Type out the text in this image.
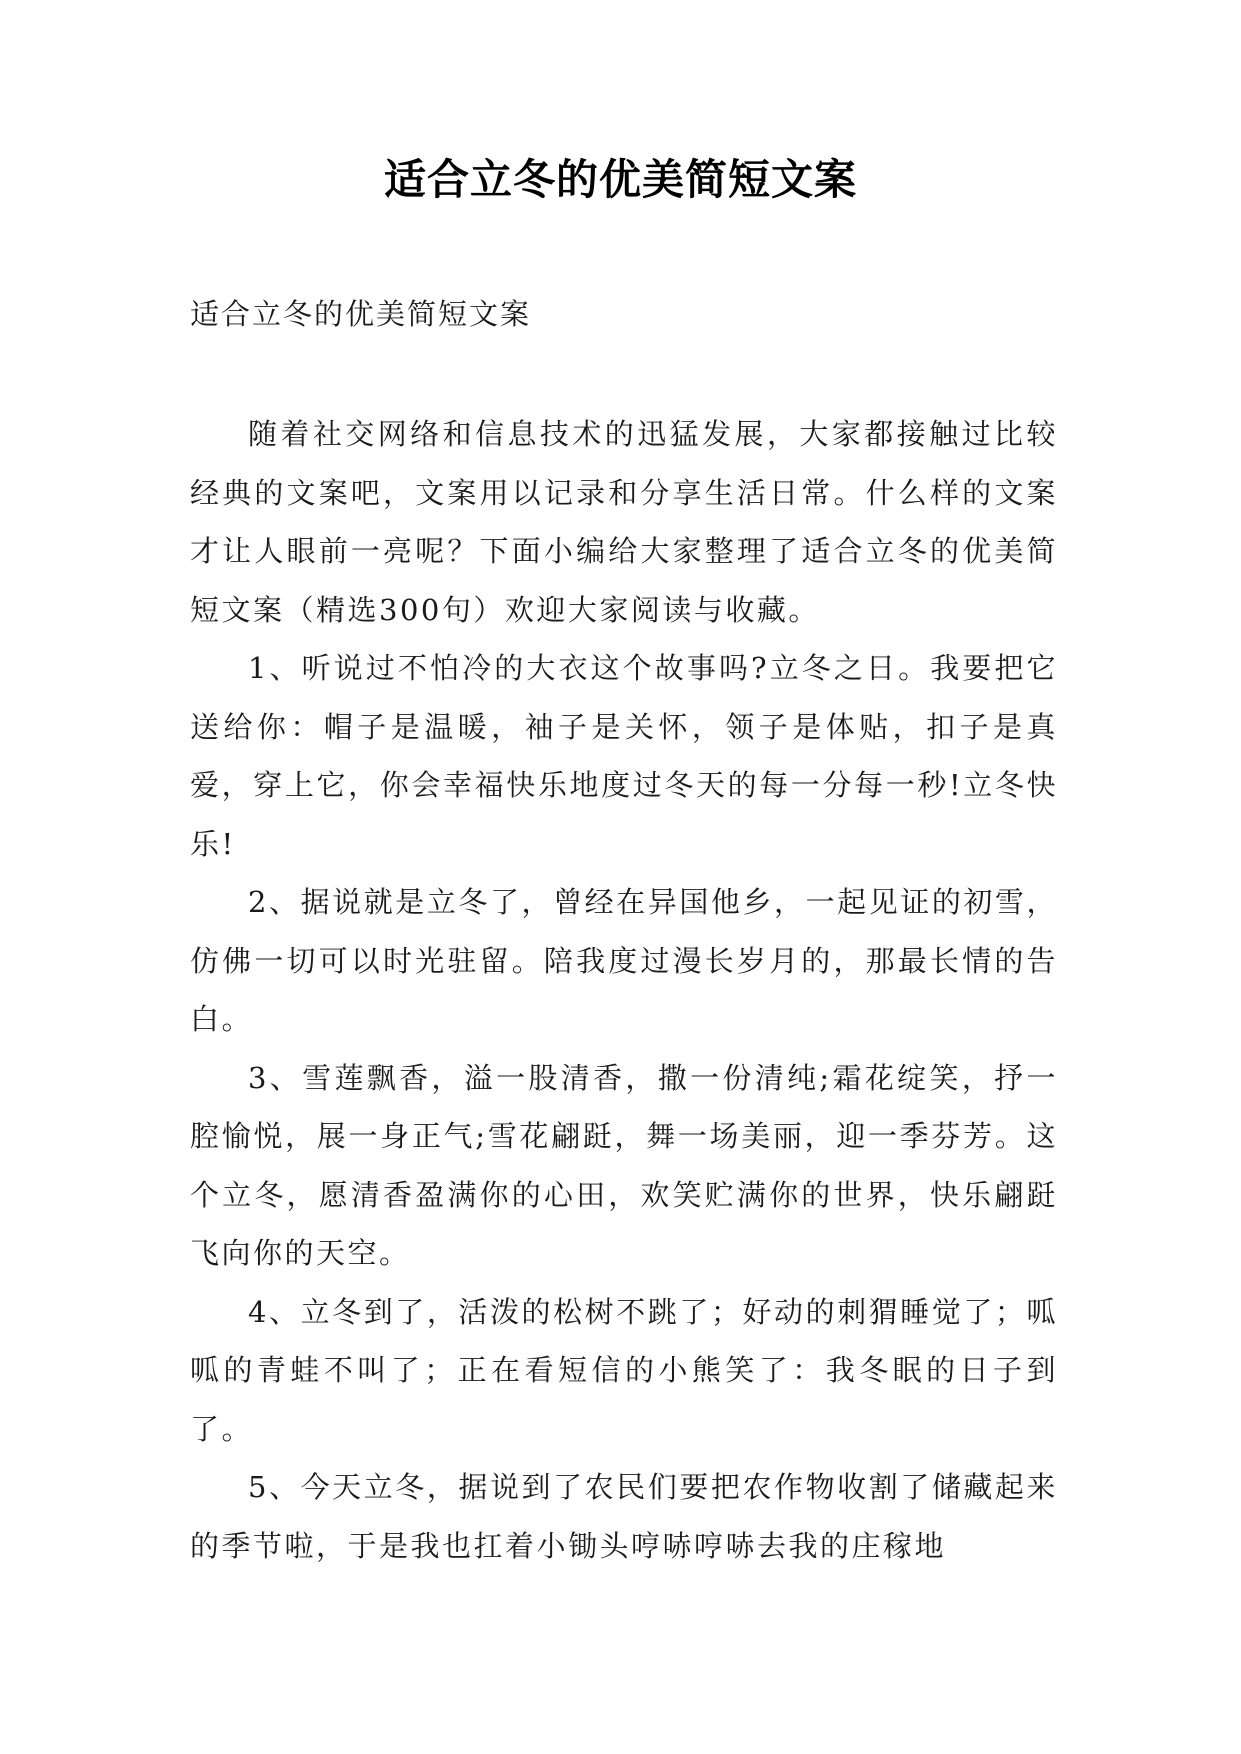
适合立冬的优美简短文案
适合立冬的优美简短文案

随着社交网络和信息技术的迅猛发展，大家都接触过比较经典的文案吧，文案用以记录和分享生活日常。什么样的文案才让人眼前一亮呢？下面小编给大家整理了适合立冬的优美简短文案（精选300句）欢迎大家阅读与收藏。

1、听说过不怕冷的大衣这个故事吗?立冬之日。我要把它送给你：帽子是温暖，袖子是关怀，领子是体贴，扣子是真爱，穿上它，你会幸福快乐地度过冬天的每一分每一秒!立冬快乐!

2、据说就是立冬了，曾经在异国他乡，一起见证的初雪，仿佛一切可以时光驻留。陪我度过漫长岁月的，那最长情的告白。

3、雪莲飘香，溢一股清香，撒一份清纯;霜花绽笑，抒一腔愉悦，展一身正气;雪花翩跹，舞一场美丽，迎一季芬芳。这个立冬，愿清香盈满你的心田，欢笑贮满你的世界，快乐翩跹飞向你的天空。

4、立冬到了，活泼的松树不跳了；好动的刺猬睡觉了；呱呱的青蛙不叫了；正在看短信的小熊笑了：我冬眠的日子到了。

5、今天立冬，据说到了农民们要把农作物收割了储藏起来的季节啦，于是我也扛着小锄头哼哧哼哧去我的庄稼地
